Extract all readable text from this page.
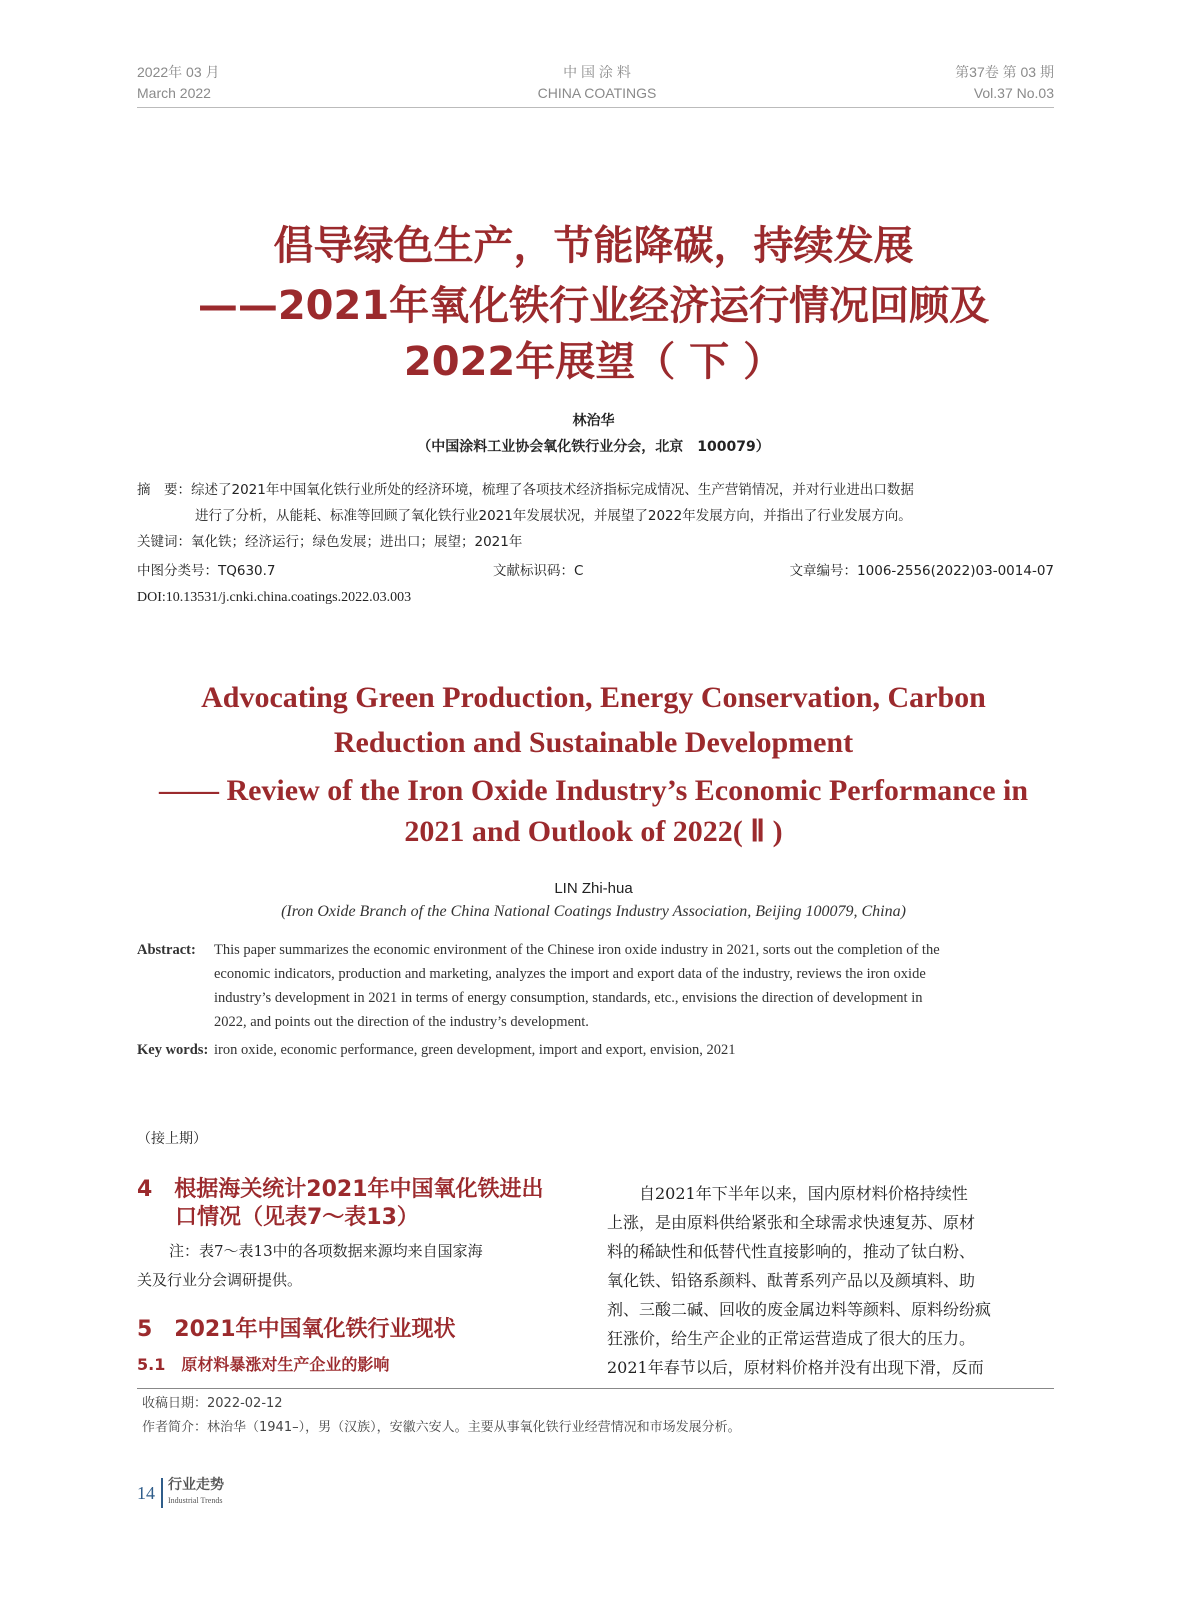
2022年 03 月
March 2022
中 国 涂 料
CHINA COATINGS
第37卷 第 03 期
Vol.37 No.03
倡导绿色生产，节能降碳，持续发展
——2021年氧化铁行业经济运行情况回顾及
2022年展望（ 下 ）
林治华
（中国涂料工业协会氧化铁行业分会，北京　100079）
摘　要：综述了2021年中国氧化铁行业所处的经济环境，梳理了各项技术经济指标完成情况、生产营销情况，并对行业进出口数据
进行了分析，从能耗、标准等回顾了氧化铁行业2021年发展状况，并展望了2022年发展方向，并指出了行业发展方向。
关键词：氧化铁；经济运行；绿色发展；进出口；展望；2021年
中图分类号：TQ630.7	文献标识码：C	文章编号：1006-2556(2022)03-0014-07
DOI:10.13531/j.cnki.china.coatings.2022.03.003
Advocating Green Production, Energy Conservation, Carbon
Reduction and Sustainable Development
—— Review of the Iron Oxide Industry’s Economic Performance in
2021 and Outlook of 2022( Ⅱ )
LIN Zhi-hua
(Iron Oxide Branch of the China National Coatings Industry Association, Beijing 100079, China)
Abstract: This paper summarizes the economic environment of the Chinese iron oxide industry in 2021, sorts out the completion of the
economic indicators, production and marketing, analyzes the import and export data of the industry, reviews the iron oxide
industry’s development in 2021 in terms of energy consumption, standards, etc., envisions the direction of development in
2022, and points out the direction of the industry’s development.
Key words: iron oxide, economic performance, green development, import and export, envision, 2021
（接上期）
4　根据海关统计2021年中国氧化铁进出
口情况（见表7～表13）
注：表7～表13中的各项数据来源均来自国家海
关及行业分会调研提供。
5　2021年中国氧化铁行业现状
5.1　原材料暴涨对生产企业的影响
　　自2021年下半年以来，国内原材料价格持续性
上涨，是由原料供给紧张和全球需求快速复苏、原材
料的稀缺性和低替代性直接影响的，推动了钛白粉、
氧化铁、铅铬系颜料、酞菁系列产品以及颜填料、助
剂、三酸二碱、回收的废金属边料等颜料、原料纷纷疯
狂涨价，给生产企业的正常运营造成了很大的压力。
2021年春节以后，原材料价格并没有出现下滑，反而
收稿日期：2022-02-12
作者简介：林治华（1941–），男（汉族），安徽六安人。主要从事氧化铁行业经营情况和市场发展分析。
14 行业走势
Industrial Trends
